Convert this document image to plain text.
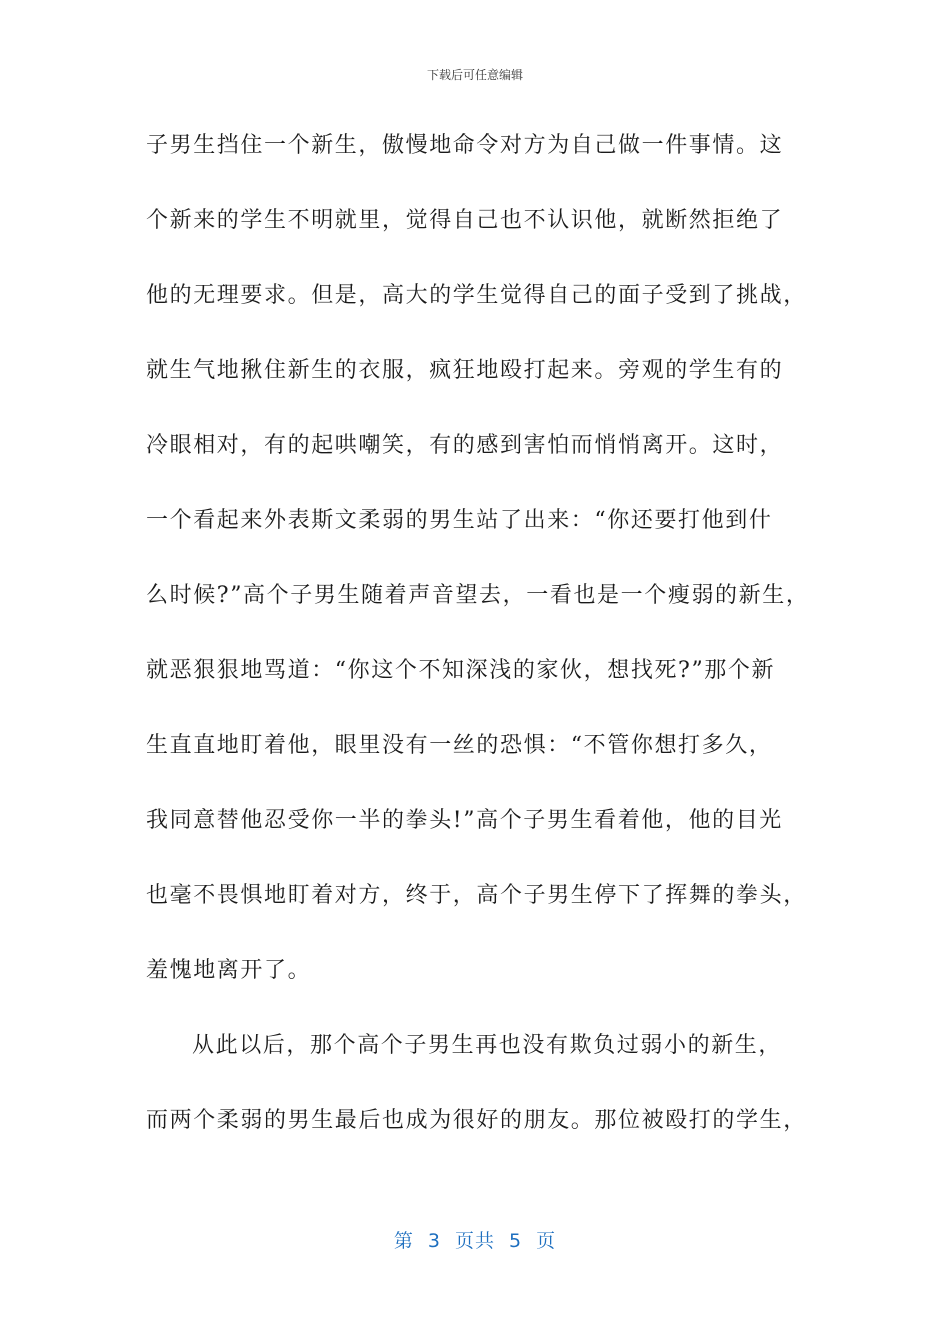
下载后可任意编辑
子男生挡住一个新生，傲慢地命令对方为自己做一件事情。这
个新来的学生不明就里，觉得自己也不认识他，就断然拒绝了
他的无理要求。但是，高大的学生觉得自己的面子受到了挑战，
就生气地揪住新生的衣服，疯狂地殴打起来。旁观的学生有的
冷眼相对，有的起哄嘲笑，有的感到害怕而悄悄离开。这时，
一个看起来外表斯文柔弱的男生站了出来：“你还要打他到什
么时候?”高个子男生随着声音望去，一看也是一个瘦弱的新生，
就恶狠狠地骂道：“你这个不知深浅的家伙，想找死?”那个新
生直直地盯着他，眼里没有一丝的恐惧：“不管你想打多久，
我同意替他忍受你一半的拳头!”高个子男生看着他，他的目光
也毫不畏惧地盯着对方，终于，高个子男生停下了挥舞的拳头，
羞愧地离开了。
从此以后，那个高个子男生再也没有欺负过弱小的新生，
而两个柔弱的男生最后也成为很好的朋友。那位被殴打的学生，
第 3 页共 5 页
